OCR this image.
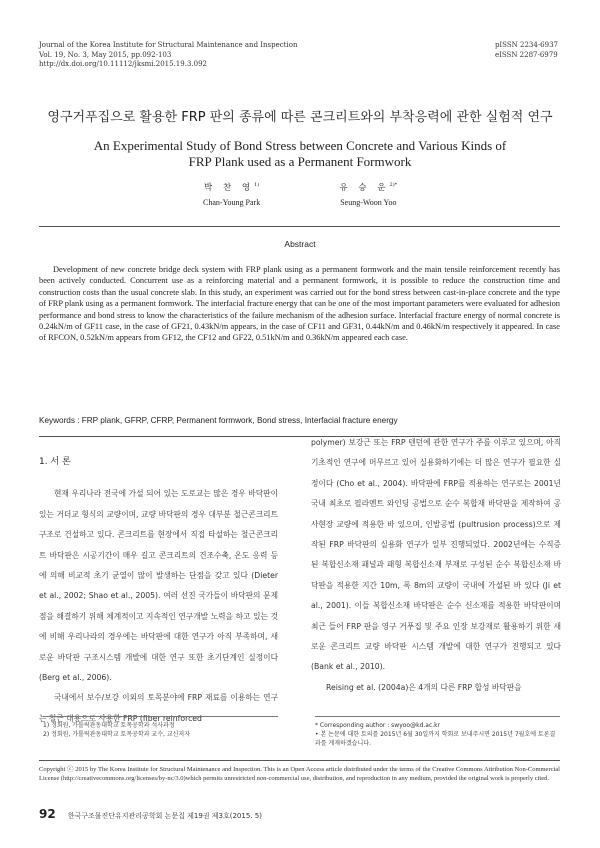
Journal of the Korea Institute for Structural Maintenance and Inspection
Vol. 19, No. 3, May 2015, pp.092-103
http://dx.doi.org/10.11112/jksmi.2015.19.3.092
pISSN 2234-6937
eISSN 2287-6979
영구거푸집으로 활용한 FRP 판의 종류에 따른 콘크리트와의 부착응력에 관한 실험적 연구
An Experimental Study of Bond Stress between Concrete and Various Kinds of
FRP Plank used as a Permanent Formwork
박 찬 영$^{1)}$
Chan-Young Park
유 승 운$^{2)*}$
Seung-Woon Yoo
Abstract
Development of new concrete bridge deck system with FRP plank using as a permanent formwork and the main tensile reinforcement recently has been actively conducted. Concurrent use as a reinforcing material and a permanent formwork, it is possible to reduce the construction time and construction costs than the usual concrete slab. In this study, an experiment was carried out for the bond stress between cast-in-place concrete and the type of FRP plank using as a permanent formwork. The interfacial fracture energy that can be one of the most important parameters were evaluated for adhesion performance and bond stress to know the characteristics of the failure mechanism of the adhesion surface. Interfacial fracture energy of normal concrete is 0.24kN/m of GF11 case, in the case of GF21, 0.43kN/m appears, in the case of CF11 and GF31, 0.44kN/m and 0.46kN/m respectively it appeared. In case of RFCON, 0.52kN/m appears from GF12, the CF12 and GF22, 0.51kN/m and 0.36kN/m appeared each case.
Keywords : FRP plank, GFRP, CFRP, Permanent formwork, Bond stress, Interfacial fracture energy
1. 서 론

현재 우리나라 전국에 가설 되어 있는 도로교는 많은 경우 바닥판이 있는 거더교 형식의 교량이며, 교량 바닥판의 경우 대부분 철근콘크리트 구조로 건설하고 있다. 콘크리트를 현장에서 직접 타설하는 철근콘크리트 바닥판은 시공기간이 매우 길고 콘크리트의 건조수축, 온도 응력 등에 의해 비교적 초기 균열이 많이 발생하는 단점을 갖고 있다 (Dieter et al., 2002; Shao et al., 2005). 여러 선진 국가들이 바닥판의 문제점을 해결하기 위해 체계적이고 지속적인 연구개발 노력을 하고 있는 것에 비해 우리나라의 경우에는 바닥판에 대한 연구가 아직 부족하며, 새로운 바닥판 구조시스템 개발에 대한 연구 또한 초기단계인 실정이다 (Berg et al., 2006).

국내에서 보수/보강 이외의 토목분야에 FRP 재료를 이용하는 연구는 철근 대용으로 사용한 FRP (fiber reinforced

polymer) 보강근 또는 FRP 텐던에 관한 연구가 주를 이루고 있으며, 아직 기초적인 연구에 머무르고 있어 실용화하기에는 더 많은 연구가 필요한 실정이다 (Cho et al., 2004). 바닥판에 FRP를 적용하는 연구로는 2001년 국내 최초로 필라멘트 와인딩 공법으로 순수 복합재 바닥판을 제작하여 공사현장 교량에 적용한 바 있으며, 인발공법 (pultrusion process)으로 제작된 FRP 바닥판의 실용화 연구가 일부 진행되었다. 2002년에는 수직증 된 복합신소재 패널과 패형 복합신소재 부재로 구성된 순수 복합신소재 바닥판을 적용한 지간 10m, 폭 8m의 교량이 국내에 가설된 바 있다 (Ji et al., 2001). 이들 복합신소재 바닥판은 순수 신소재를 적용한 바닥판이며 최근 들어 FRP 판을 영구 거푸집 및 주요 인장 보강재로 활용하기 위한 새로운 콘크리트 교량 바닥판 시스템 개발에 대한 연구가 진행되고 있다 (Bank et al., 2010).

Reising et al. (2004a)은 4개의 다른 FRP 합성 바닥판을

1) 정회원, 가톨릭관동대학교 토목공학과 석사과정
2) 정회원, 가톨릭관동대학교 토목공학과 교수, 교신저자
* Corresponding author : swyoo@kd.ac.kr
• 본 논문에 대한 토의를 2015년 6월 30일까지 학회로 보내주시면 2015년 7월호에 토론결과를 게재하겠습니다.
Copyright ⓒ 2015 by The Korea Institute for Structural Maintenance and Inspection. This is an Open Access article distributed under the terms of the Creative Commons Attribution Non-Commercial License (http://creativecommons.org/licenses/by-nc/3.0)which permits unrestricted non-commercial use, distribution, and reproduction in any medium, provided the original work is properly cited.
92 한국구조물진단유지관리공학회 논문집 제19권 제3호(2015. 5)
